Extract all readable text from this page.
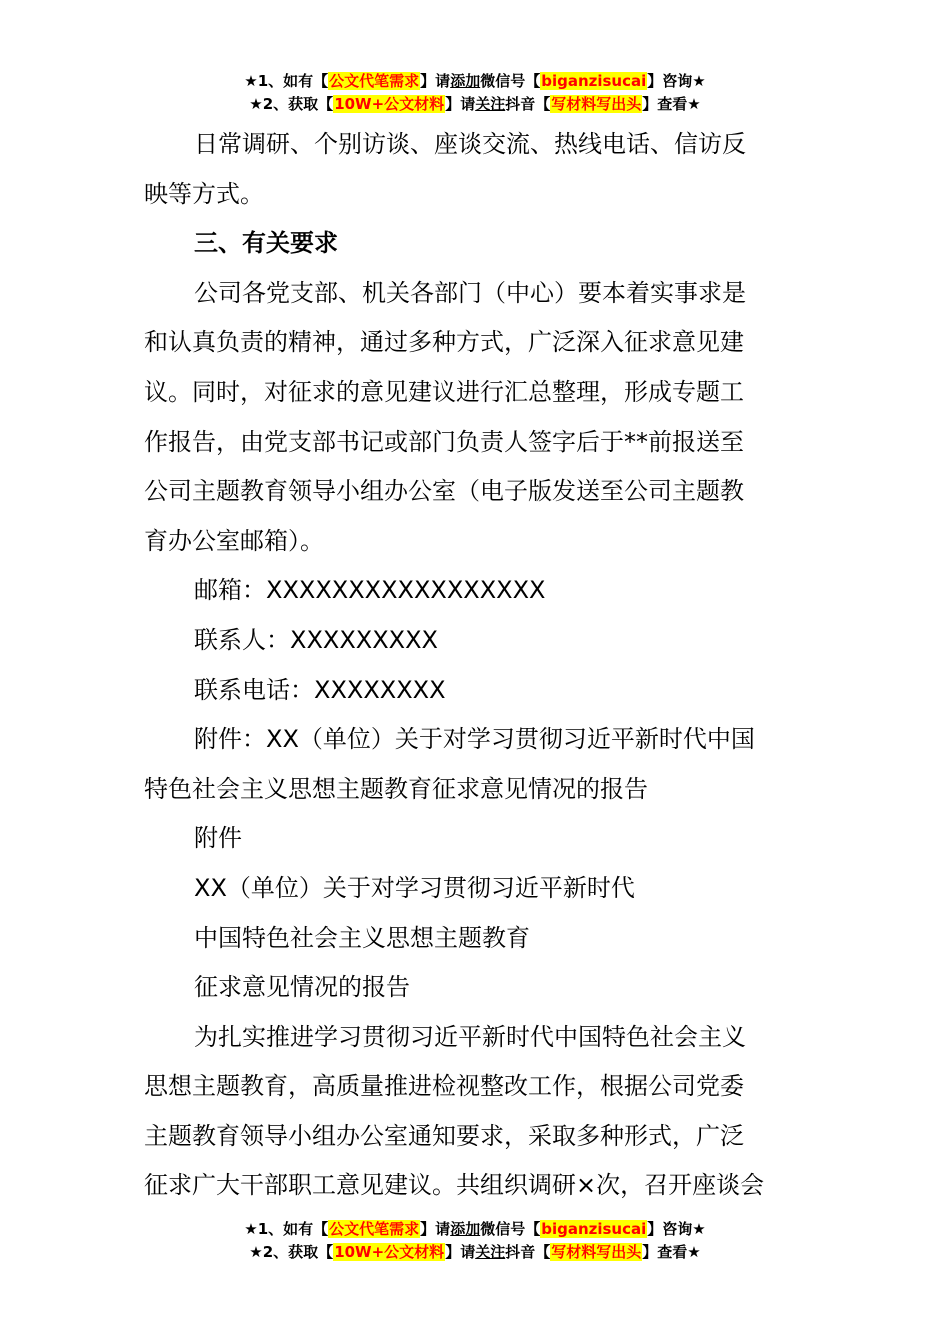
★1、如有【公文代笔需求】请添加微信号【biganzisucai】咨询★
★2、获取【10W+公文材料】请关注抖音【写材料写出头】查看★

日常调研、个别访谈、座谈交流、热线电话、信访反
映等方式。

三、有关要求

公司各党支部、机关各部门（中心）要本着实事求是
和认真负责的精神，通过多种方式，广泛深入征求意见建
议。同时，对征求的意见建议进行汇总整理，形成专题工
作报告，由党支部书记或部门负责人签字后于**前报送至
公司主题教育领导小组办公室（电子版发送至公司主题教
育办公室邮箱）。

邮箱：XXXXXXXXXXXXXXXXX

联系人：XXXXXXXXX

联系电话：XXXXXXXX

附件：XX（单位）关于对学习贯彻习近平新时代中国
特色社会主义思想主题教育征求意见情况的报告

附件

XX（单位）关于对学习贯彻习近平新时代

中国特色社会主义思想主题教育

征求意见情况的报告

为扎实推进学习贯彻习近平新时代中国特色社会主义
思想主题教育，高质量推进检视整改工作，根据公司党委
主题教育领导小组办公室通知要求，采取多种形式，广泛
征求广大干部职工意见建议。共组织调研×次，召开座谈会

★1、如有【公文代笔需求】请添加微信号【biganzisucai】咨询★
★2、获取【10W+公文材料】请关注抖音【写材料写出头】查看★
